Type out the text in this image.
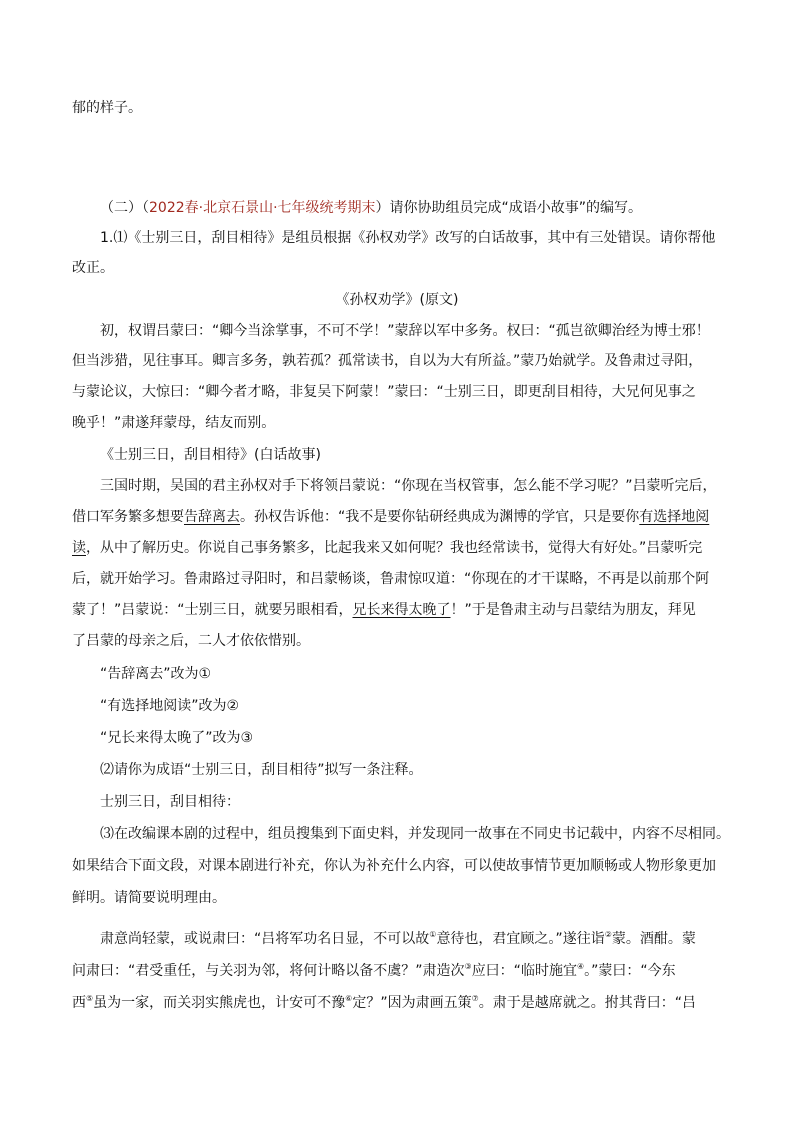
郁的样子。
（二）（2022春·北京石景山·七年级统考期末）请你协助组员完成“成语小故事”的编写。
1.⑴《士别三日，刮目相待》是组员根据《孙权劝学》改写的白话故事，其中有三处错误。请你帮他
改正。
《孙权劝学》(原文)
初，权谓吕蒙曰：“卿今当涂掌事，不可不学！”蒙辞以军中多务。权曰：“孤岂欲卿治经为博士邪！
但当涉猎，见往事耳。卿言多务，孰若孤？孤常读书，自以为大有所益。”蒙乃始就学。及鲁肃过寻阳，
与蒙论议，大惊曰：“卿今者才略，非复吴下阿蒙！”蒙曰：“士别三日，即更刮目相待，大兄何见事之
晚乎！”肃遂拜蒙母，结友而别。
《士别三日，刮目相待》(白话故事)
三国时期，吴国的君主孙权对手下将领吕蒙说：“你现在当权管事，怎么能不学习呢？”吕蒙听完后，
借口军务繁多想要告辞离去。孙权告诉他：“我不是要你钻研经典成为渊博的学官，只是要你有选择地阅
读，从中了解历史。你说自己事务繁多，比起我来又如何呢？我也经常读书，觉得大有好处。”吕蒙听完
后，就开始学习。鲁肃路过寻阳时，和吕蒙畅谈，鲁肃惊叹道：“你现在的才干谋略，不再是以前那个阿
蒙了！”吕蒙说：“士别三日，就要另眼相看，兄长来得太晚了！”于是鲁肃主动与吕蒙结为朋友，拜见
了吕蒙的母亲之后，二人才依依惜别。
“告辞离去”改为①
“有选择地阅读”改为②
“兄长来得太晚了”改为③
⑵请你为成语“士别三日，刮目相待”拟写一条注释。
士别三日，刮目相待：
⑶在改编课本剧的过程中，组员搜集到下面史料，并发现同一故事在不同史书记载中，内容不尽相同。
如果结合下面文段，对课本剧进行补充，你认为补充什么内容，可以使故事情节更加顺畅或人物形象更加
鲜明。请简要说明理由。
肃意尚轻蒙，或说肃曰：“吕将军功名日显，不可以故①意待也，君宜顾之。”遂往诣②蒙。酒酣。蒙
问肃曰：“君受重任，与关羽为邻，将何计略以备不虞？”肃造次③应曰：“临时施宜④。”蒙曰：“今东
西⑤虽为一家，而关羽实熊虎也，计安可不豫⑥定？”因为肃画五策⑦。肃于是越席就之。拊其背曰：“吕
